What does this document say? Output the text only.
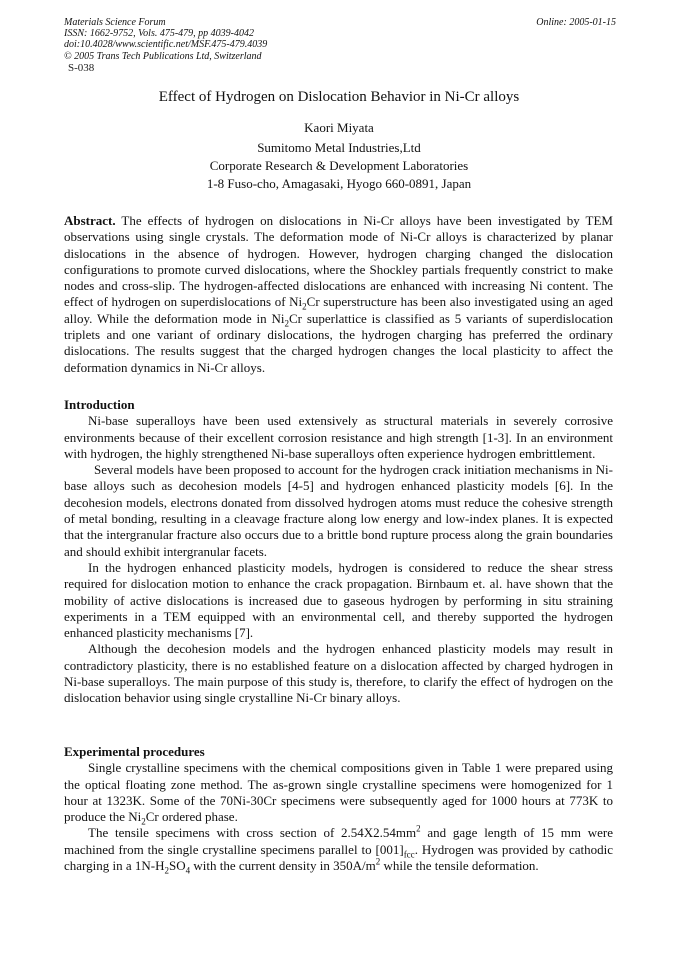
Materials Science Forum
ISSN: 1662-9752, Vols. 475-479, pp 4039-4042
doi:10.4028/www.scientific.net/MSF.475-479.4039
© 2005 Trans Tech Publications Ltd, Switzerland
Online: 2005-01-15
S-038
Effect of Hydrogen on Dislocation Behavior in Ni-Cr alloys
Kaori Miyata
Sumitomo Metal Industries,Ltd
Corporate Research & Development Laboratories
1-8 Fuso-cho, Amagasaki, Hyogo 660-0891, Japan

Abstract. The effects of hydrogen on dislocations in Ni-Cr alloys have been investigated by TEM observations using single crystals. The deformation mode of Ni-Cr alloys is characterized by planar dislocations in the absence of hydrogen. However, hydrogen charging changed the dislocation configurations to promote curved dislocations, where the Shockley partials frequently constrict to make nodes and cross-slip. The hydrogen-affected dislocations are enhanced with increasing Ni content. The effect of hydrogen on superdislocations of $Ni_2Cr$ superstructure has been also investigated using an aged alloy. While the deformation mode in $Ni_2Cr$ superlattice is classified as 5 variants of superdislocation triplets and one variant of ordinary dislocations, the hydrogen charging has preferred the ordinary dislocations. The results suggest that the charged hydrogen changes the local plasticity to affect the deformation dynamics in Ni-Cr alloys.

Introduction

Ni-base superalloys have been used extensively as structural materials in severely corrosive environments because of their excellent corrosion resistance and high strength [1-3]. In an environment with hydrogen, the highly strengthened Ni-base superalloys often experience hydrogen embrittlement.

Several models have been proposed to account for the hydrogen crack initiation mechanisms in Ni-base alloys such as decohesion models [4-5] and hydrogen enhanced plasticity models [6]. In the decohesion models, electrons donated from dissolved hydrogen atoms must reduce the cohesive strength of metal bonding, resulting in a cleavage fracture along low energy and low-index planes. It is expected that the intergranular fracture also occurs due to a brittle bond rupture process along the grain boundaries and should exhibit intergranular facets.

In the hydrogen enhanced plasticity models, hydrogen is considered to reduce the shear stress required for dislocation motion to enhance the crack propagation. Birnbaum et. al. have shown that the mobility of active dislocations is increased due to gaseous hydrogen by performing in situ straining experiments in a TEM equipped with an environmental cell, and thereby supported the hydrogen enhanced plasticity mechanisms [7].

Although the decohesion models and the hydrogen enhanced plasticity models may result in contradictory plasticity, there is no established feature on a dislocation affected by charged hydrogen in Ni-base superalloys. The main purpose of this study is, therefore, to clarify the effect of hydrogen on the dislocation behavior using single crystalline Ni-Cr binary alloys.

Experimental procedures

Single crystalline specimens with the chemical compositions given in Table 1 were prepared using the optical floating zone method. The as-grown single crystalline specimens were homogenized for 1 hour at 1323K. Some of the 70Ni-30Cr specimens were subsequently aged for 1000 hours at 773K to produce the $Ni_2Cr$ ordered phase.

The tensile specimens with cross section of $2.54X2.54mm^2$ and gage length of 15 mm were machined from the single crystalline specimens parallel to $[001]_{fcc}$. Hydrogen was provided by cathodic charging in a $1N-H_2SO_4$ with the current density in $350A/m^2$ while the tensile deformation.
